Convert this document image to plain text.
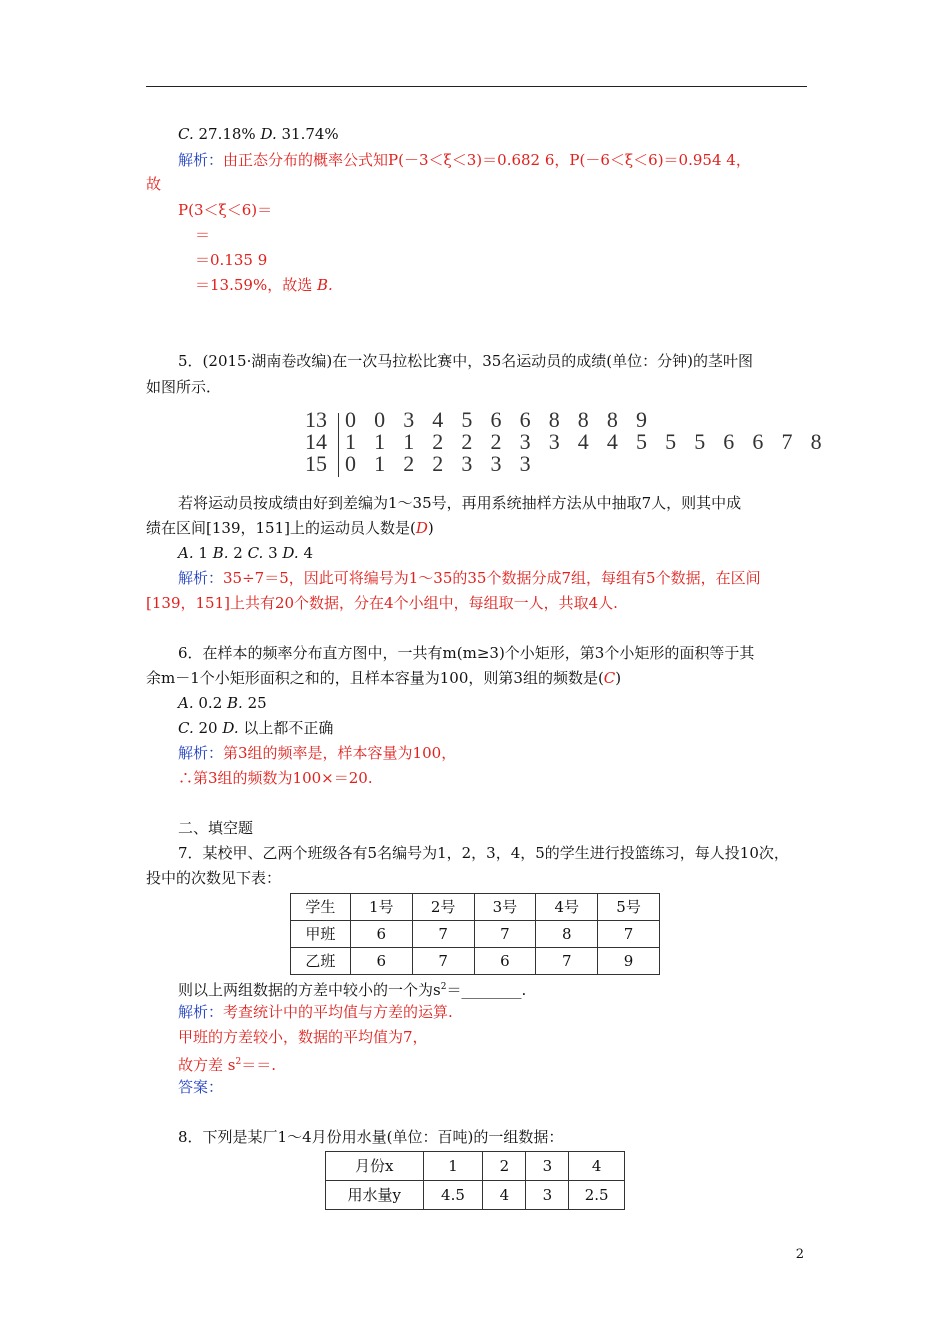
C. 27.18% D. 31.74%
解析：由正态分布的概率公式知P(－3＜ξ＜3)＝0.682 6，P(－6＜ξ＜6)＝0.954 4，
故
P(3＜ξ＜6)＝
＝
＝0.135 9
＝13.59%，故选 B.
5．(2015·湖南卷改编)在一次马拉松比赛中，35名运动员的成绩(单位：分钟)的茎叶图
如图所示．
13 0 0 3 4 5 6 6 8 8 8 9
14 1 1 1 2 2 2 3 3 4 4 5 5 5 6 6 7 8
15 0 1 2 2 3 3 3
若将运动员按成绩由好到差编为1～35号，再用系统抽样方法从中抽取7人，则其中成
绩在区间[139，151]上的运动员人数是(D)
A. 1 B. 2 C. 3 D. 4
解析：35÷7＝5，因此可将编号为1～35的35个数据分成7组，每组有5个数据，在区间
[139，151]上共有20个数据，分在4个小组中，每组取一人，共取4人.
6．在样本的频率分布直方图中，一共有m(m≥3)个小矩形，第3个小矩形的面积等于其
余m－1个小矩形面积之和的，且样本容量为100，则第3组的频数是(C)
A. 0.2 B. 25
C. 20 D. 以上都不正确
解析：第3组的频率是，样本容量为100，
∴第3组的频数为100×＝20.
二、填空题
7．某校甲、乙两个班级各有5名编号为1，2，3，4，5的学生进行投篮练习，每人投10次，
投中的次数见下表：
学生	1号	2号	3号	4号	5号
甲班	6	7	7	8	7
乙班	6	7	6	7	9
则以上两组数据的方差中较小的一个为$s^2=\_\_\_\_\_\_\_\_$.
解析：考查统计中的平均值与方差的运算.
甲班的方差较小，数据的平均值为7，
故方差 $s^2==$.
答案：
8．下列是某厂1～4月份用水量(单位：百吨)的一组数据：
月份x	1	2	3	4
用水量y	4.5	4	3	2.5
2
